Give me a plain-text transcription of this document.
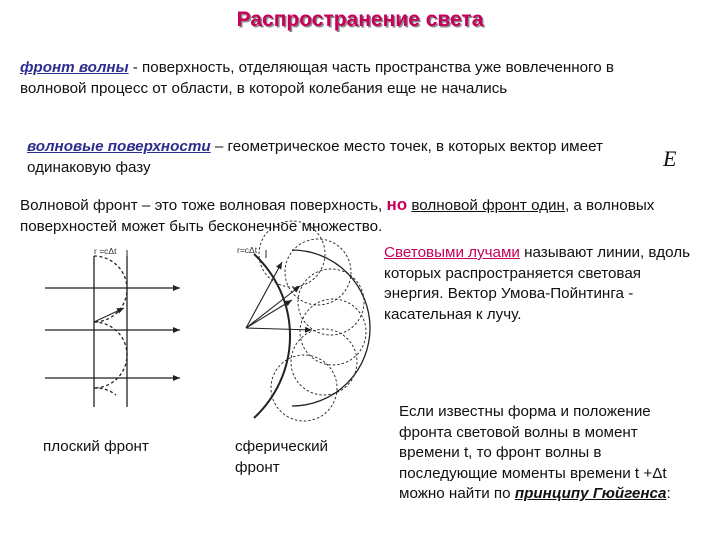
Распространение света
фронт волны - поверхность, отделяющая часть пространства уже вовлеченного в волновой процесс от области, в которой колебания еще не начались
волновые поверхности – геометрическое место точек, в которых вектор имеет одинаковую фазу	E
Волновой фронт – это тоже волновая поверхность, но волновой фронт один, а волновых поверхностей может быть бесконечное множество.
r =cΔt	r=cΔt
плоский фронт	сферический фронт
Световыми лучами называют линии, вдоль которых распространяется световая энергия. Вектор Умова-Пойнтинга - касательная к лучу.
Если известны форма и положение фронта световой волны в момент времени t, то фронт волны в последующие моменты времени t +Δt можно найти по принципу Гюйгенса:
